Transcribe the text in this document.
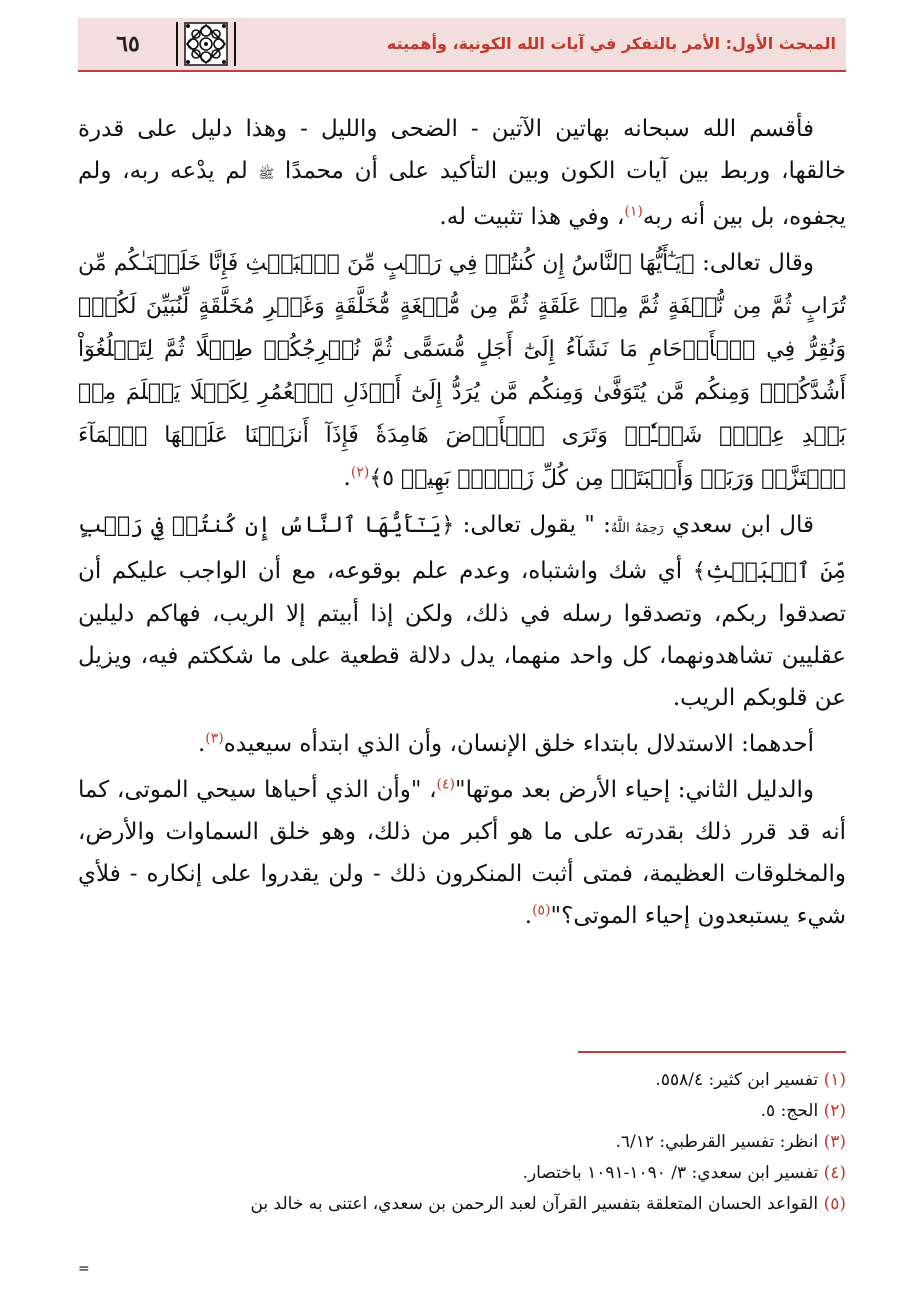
المبحث الأول: الأمر بالتفكر في آيات الله الكونية، وأهميته
٦٥

فأقسم الله سبحانه بهاتين الآتين - الضحى والليل - وهذا دليل على قدرة خالقها، وربط بين آيات الكون وبين التأكيد على أن محمدًا ﷺ لم يدْعه ربه، ولم يجفوه، بل بين أنه ربه$^{(١)}$، وفي هذا تثبيت له.

وقال تعالى: ﴿يَـٰٓأَيُّهَا ٱلنَّاسُ إِن كُنتُمۡ فِي رَيۡبٍ مِّنَ ٱلۡبَعۡثِ فَإِنَّا خَلَقۡنَـٰكُم مِّن تُرَابٍ ثُمَّ مِن نُّطۡفَةٍ ثُمَّ مِنۡ عَلَقَةٍ ثُمَّ مِن مُّضۡغَةٍ مُّخَلَّقَةٍ وَغَيۡرِ مُخَلَّقَةٍ لِّنُبَيِّنَ لَكُمۡۚ وَنُقِرُّ فِي ٱلۡأَرۡحَامِ مَا نَشَآءُ إِلَىٰٓ أَجَلٍ مُّسَمًّى ثُمَّ نُخۡرِجُكُمۡ طِفۡلًا ثُمَّ لِتَبۡلُغُوٓاْ أَشُدَّكُمۡۖ وَمِنكُم مَّن يُتَوَفَّىٰ وَمِنكُم مَّن يُرَدُّ إِلَىٰٓ أَرۡذَلِ ٱلۡعُمُرِ لِكَيۡلَا يَعۡلَمَ مِنۢ بَعۡدِ عِلۡمٖ شَيۡـٔٗاۚ وَتَرَى ٱلۡأَرۡضَ هَامِدَةٗ فَإِذَآ أَنزَلۡنَا عَلَيۡهَا ٱلۡمَآءَ ٱهۡتَزَّتۡ وَرَبَتۡ وَأَنۢبَتَتۡ مِن كُلِّ زَوۡجِۭ بَهِيجٖ ٥﴾$^{(٢)}$.

قال ابن سعدي رَحِمَهُ اللَّهُ: " يقول تعالى: ﴿يَـٰٓأَيُّهَا ٱلنَّاسُ إِن كُنتُمۡ فِي رَيۡبٍ مِّنَ ٱلۡبَعۡثِ﴾ أي شك واشتباه، وعدم علم بوقوعه، مع أن الواجب عليكم أن تصدقوا ربكم، وتصدقوا رسله في ذلك، ولكن إذا أبيتم إلا الريب، فهاكم دليلين عقليين تشاهدونهما، كل واحد منهما، يدل دلالة قطعية على ما شككتم فيه، ويزيل عن قلوبكم الريب.

أحدهما: الاستدلال بابتداء خلق الإنسان، وأن الذي ابتدأه سيعيده$^{(٣)}$.

والدليل الثاني: إحياء الأرض بعد موتها"$^{(٤)}$، "وأن الذي أحياها سيحي الموتى، كما أنه قد قرر ذلك بقدرته على ما هو أكبر من ذلك، وهو خلق السماوات والأرض، والمخلوقات العظيمة، فمتى أثبت المنكرون ذلك - ولن يقدروا على إنكاره - فلأي شيء يستبعدون إحياء الموتى؟"$^{(٥)}$.

(١) تفسير ابن كثير: ٥٥٨/٤.

(٢) الحج: ٥.

(٣) انظر: تفسير القرطبي: ٦/١٢.

(٤) تفسير ابن سعدي: ٣/ ١٠٩٠-١٠٩١ باختصار.

(٥) القواعد الحسان المتعلقة بتفسير القرآن لعبد الرحمن بن سعدي، اعتنى به خالد بن

=
